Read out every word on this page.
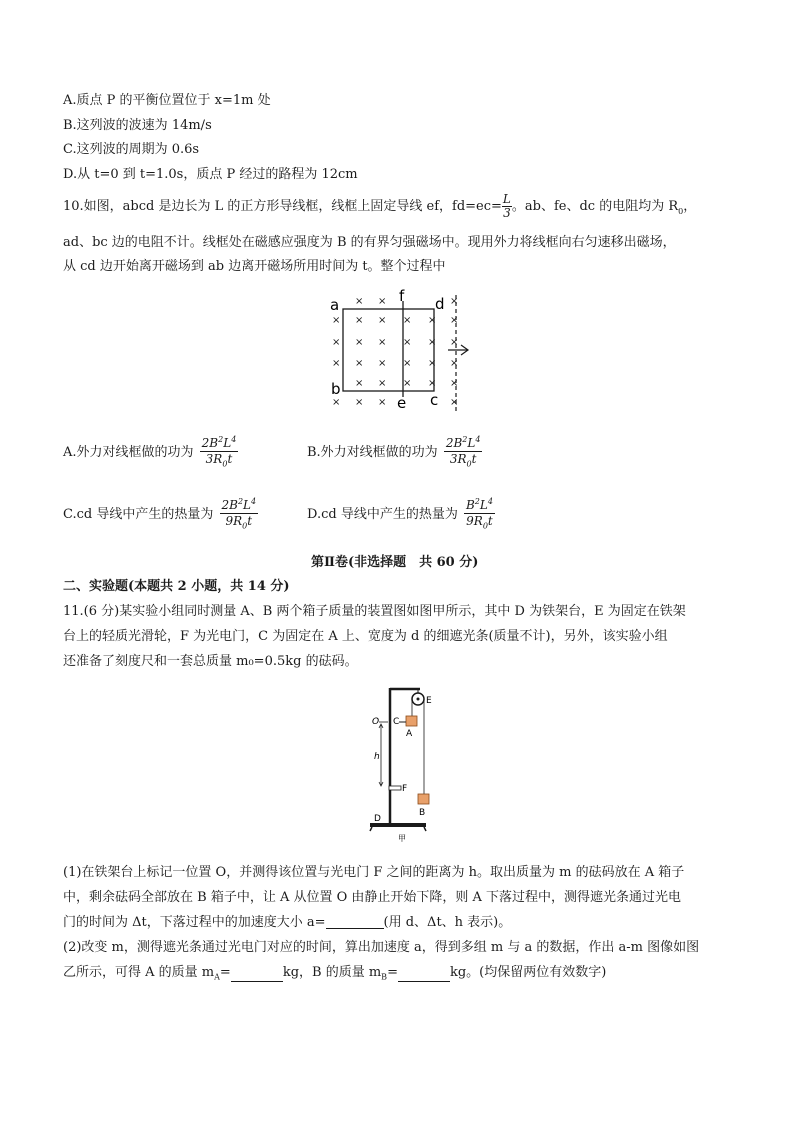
A.质点 P 的平衡位置位于 x=1m 处
B.这列波的波速为 14m/s
C.这列波的周期为 0.6s
D.从 t=0 到 t=1.0s，质点 P 经过的路程为 12cm
10.如图，abcd 是边长为 L 的正方形导线框，线框上固定导线 ef，$fd=ec= \frac{L}{3}$ 。ab、fe、dc 的电阻均为 $R_0$，
ad、bc 边的电阻不计。线框处在磁感应强度为 B 的有界匀强磁场中。现用外力将线框向右匀速移出磁场，
从 cd 边开始离开磁场到 ab 边离开磁场所用时间为 t。整个过程中
× ×	×
× × × × × ×
× × × × × ×
× × × × × ×
× × × × ×
× × ×	×
a
b
c
d
e
f
A.外力对线框做的功为 $\frac{2B^2L^4}{3R_0t}$	B.外力对线框做的功为 $\frac{2B^2L^4}{3R_0t}$
C.cd 导线中产生的热量为 $\frac{2B^2L^4}{9R_0t}$	D.cd 导线中产生的热量为 $\frac{B^2L^4}{9R_0t}$
第Ⅱ卷(非选择题　共 60 分)
二、实验题(本题共 2 小题，共 14 分)
11.(6 分)某实验小组同时测量 A、B 两个箱子质量的装置图如图甲所示，其中 D 为铁架台，E 为固定在铁架
台上的轻质光滑轮，F 为光电门，C 为固定在 A 上、宽度为 d 的细遮光条(质量不计)，另外，该实验小组
还准备了刻度尺和一套总质量 m₀=0.5kg 的砝码。
O C
A
E
h
F
B
D
甲
(1)在铁架台上标记一位置 O，并测得该位置与光电门 F 之间的距离为 h。取出质量为 m 的砝码放在 A 箱子
中，剩余砝码全部放在 B 箱子中，让 A 从位置 O 由静止开始下降，则 A 下落过程中，测得遮光条通过光电
门的时间为 Δt，下落过程中的加速度大小 a=	(用 d、Δt、h 表示)。
(2)改变 m，测得遮光条通过光电门对应的时间，算出加速度 a，得到多组 m 与 a 的数据，作出 a-m 图像如图
乙所示，可得 A 的质量 $m_A=$	kg，B 的质量 $m_B=$	kg。(均保留两位有效数字)
